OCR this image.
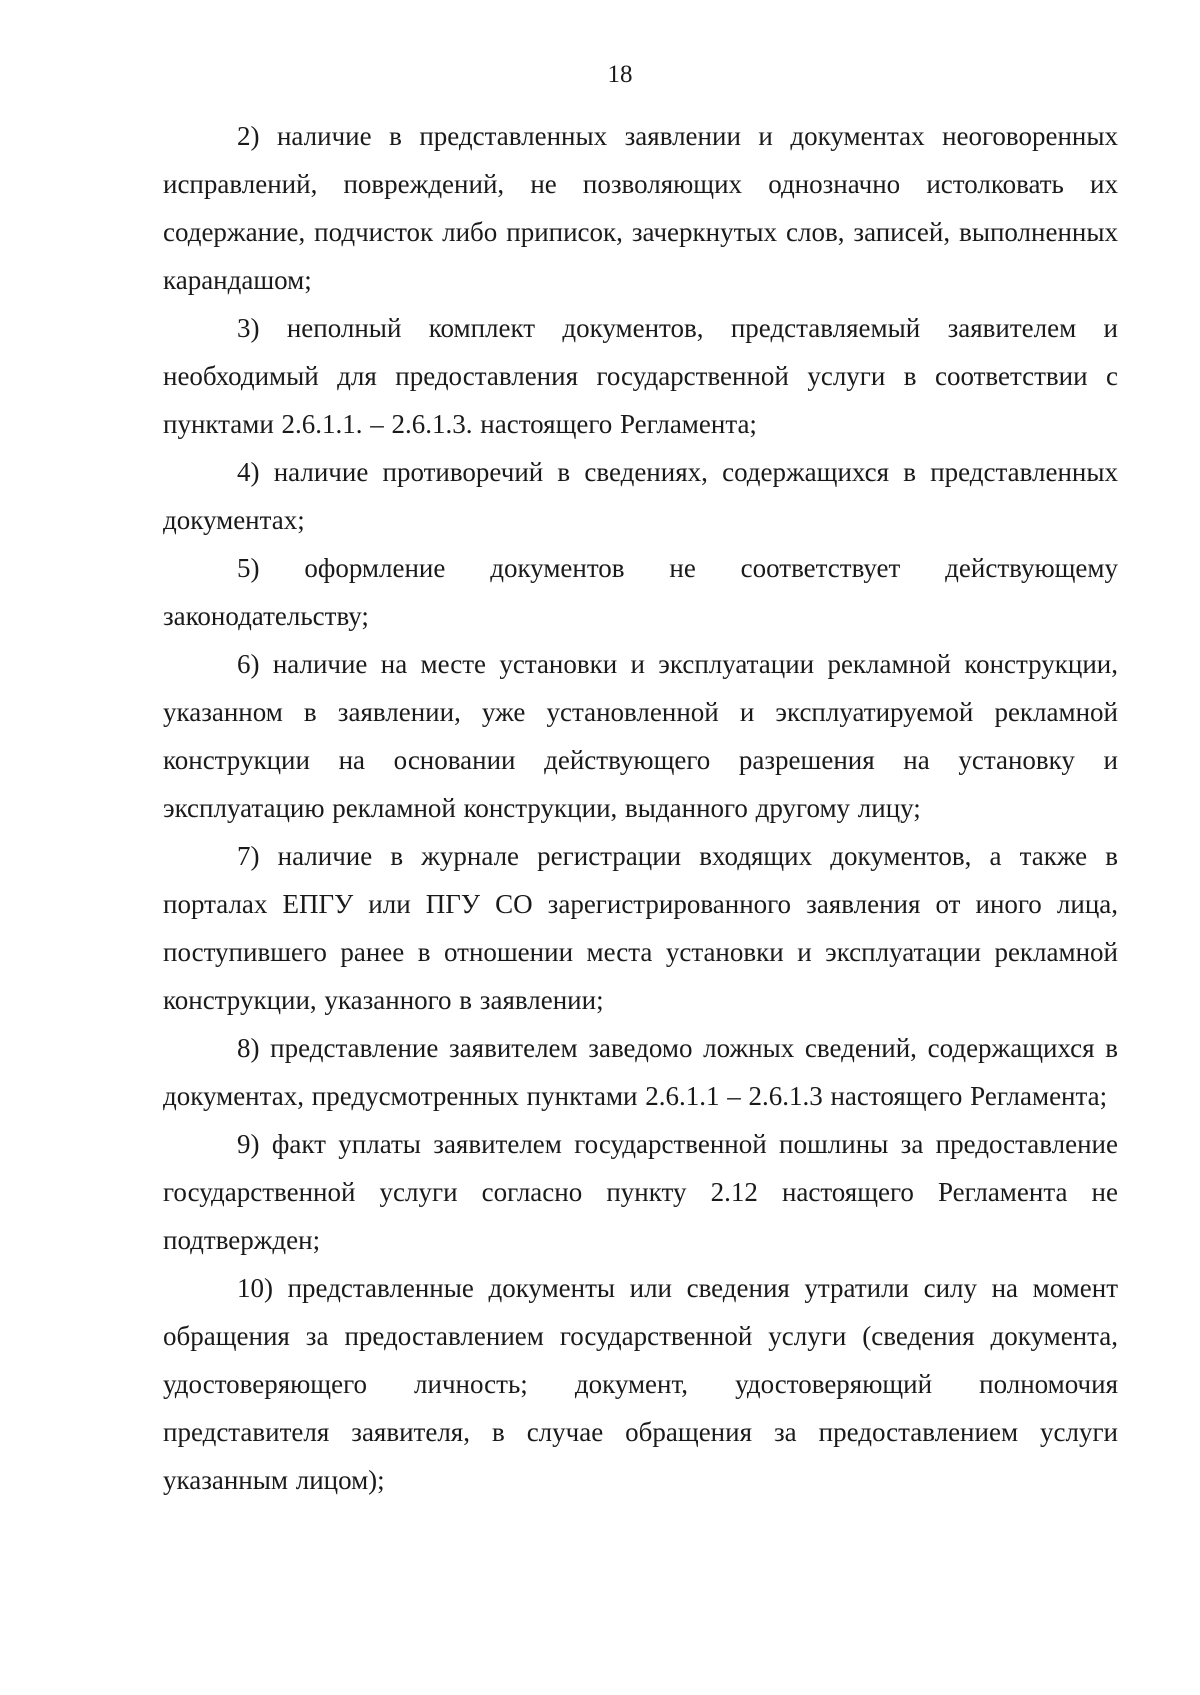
18

2) наличие в представленных заявлении и документах неоговоренных исправлений, повреждений, не позволяющих однозначно истолковать их содержание, подчисток либо приписок, зачеркнутых слов, записей, выполненных карандашом;

3) неполный комплект документов, представляемый заявителем и необходимый для предоставления государственной услуги в соответствии с пунктами 2.6.1.1. – 2.6.1.3. настоящего Регламента;

4) наличие противоречий в сведениях, содержащихся в представленных документах;

5) оформление документов не соответствует действующему законодательству;

6) наличие на месте установки и эксплуатации рекламной конструкции, указанном в заявлении, уже установленной и эксплуатируемой рекламной конструкции на основании действующего разрешения на установку и эксплуатацию рекламной конструкции, выданного другому лицу;

7) наличие в журнале регистрации входящих документов, а также в порталах ЕПГУ или ПГУ СО зарегистрированного заявления от иного лица, поступившего ранее в отношении места установки и эксплуатации рекламной конструкции, указанного в заявлении;

8) представление заявителем заведомо ложных сведений, содержащихся в документах, предусмотренных пунктами 2.6.1.1 – 2.6.1.3 настоящего Регламента;

9) факт уплаты заявителем государственной пошлины за предоставление государственной услуги согласно пункту 2.12 настоящего Регламента не подтвержден;

10) представленные документы или сведения утратили силу на момент обращения за предоставлением государственной услуги (сведения документа, удостоверяющего личность; документ, удостоверяющий полномочия представителя заявителя, в случае обращения за предоставлением услуги указанным лицом);
